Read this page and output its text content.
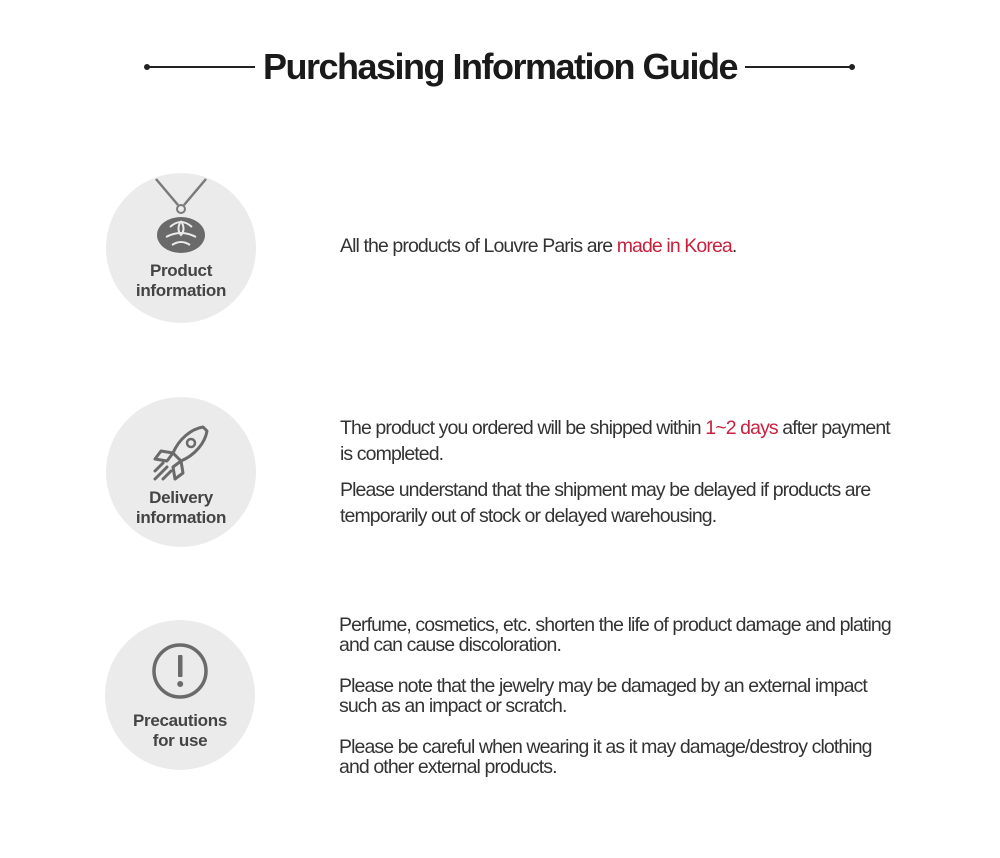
Purchasing Information Guide
Product
information

All the products of Louvre Paris are made in Korea.

Delivery
information

The product you ordered will be shipped within 1~2 days after payment is completed.

Please understand that the shipment may be delayed if products are temporarily out of stock or delayed warehousing.

Precautions
for use

Perfume, cosmetics, etc. shorten the life of product damage and plating and can cause discoloration.

Please note that the jewelry may be damaged by an external impact such as an impact or scratch.

Please be careful when wearing it as it may damage/destroy clothing and other external products.
